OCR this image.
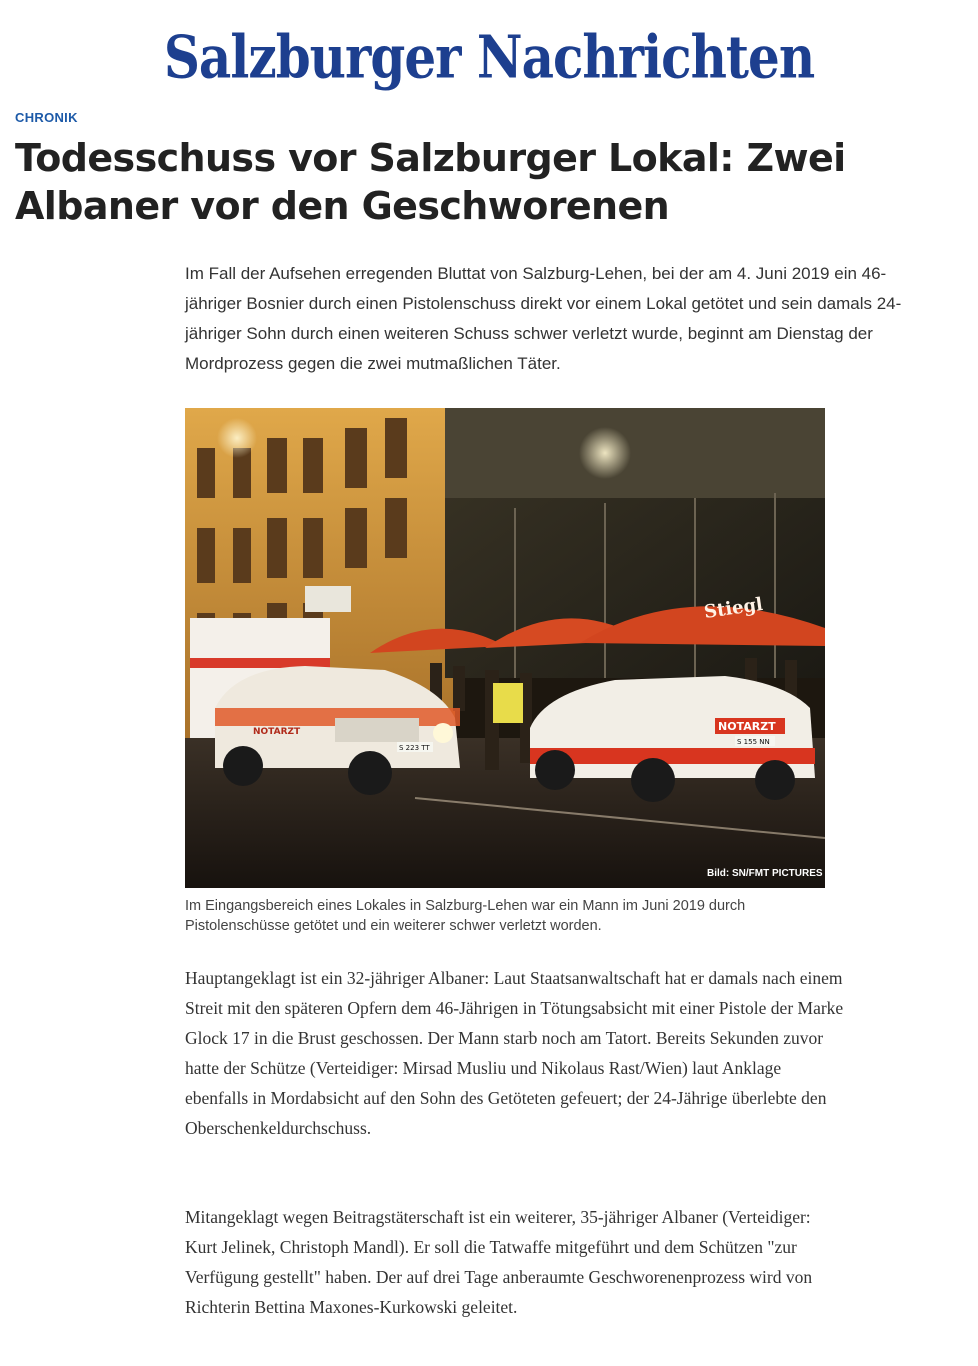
Salzburger Nachrichten
CHRONIK
Todesschuss vor Salzburger Lokal: Zwei Albaner vor den Geschworenen

Im Fall der Aufsehen erregenden Bluttat von Salzburg-Lehen, bei der am 4. Juni 2019 ein 46-jähriger Bosnier durch einen Pistolenschuss direkt vor einem Lokal getötet und sein damals 24-jähriger Sohn durch einen weiteren Schuss schwer verletzt wurde, beginnt am Dienstag der Mordprozess gegen die zwei mutmaßlichen Täter.

Stiegl
S 223 TT
NOTARZT	NOTARZT
S 155 NN
Bild: SN/FMT PICTURES

Im Eingangsbereich eines Lokales in Salzburg-Lehen war ein Mann im Juni 2019 durch Pistolenschüsse getötet und ein weiterer schwer verletzt worden.

Hauptangeklagt ist ein 32-jähriger Albaner: Laut Staatsanwaltschaft hat er damals nach einem Streit mit den späteren Opfern dem 46-Jährigen in Tötungsabsicht mit einer Pistole der Marke Glock 17 in die Brust geschossen. Der Mann starb noch am Tatort. Bereits Sekunden zuvor hatte der Schütze (Verteidiger: Mirsad Musliu und Nikolaus Rast/Wien) laut Anklage ebenfalls in Mordabsicht auf den Sohn des Getöteten gefeuert; der 24-Jährige überlebte den Oberschenkeldurchschuss.

Mitangeklagt wegen Beitragstäterschaft ist ein weiterer, 35-jähriger Albaner (Verteidiger: Kurt Jelinek, Christoph Mandl). Er soll die Tatwaffe mitgeführt und dem Schützen "zur Verfügung gestellt" haben. Der auf drei Tage anberaumte Geschworenenprozess wird von Richterin Bettina Maxones-Kurkowski geleitet.
